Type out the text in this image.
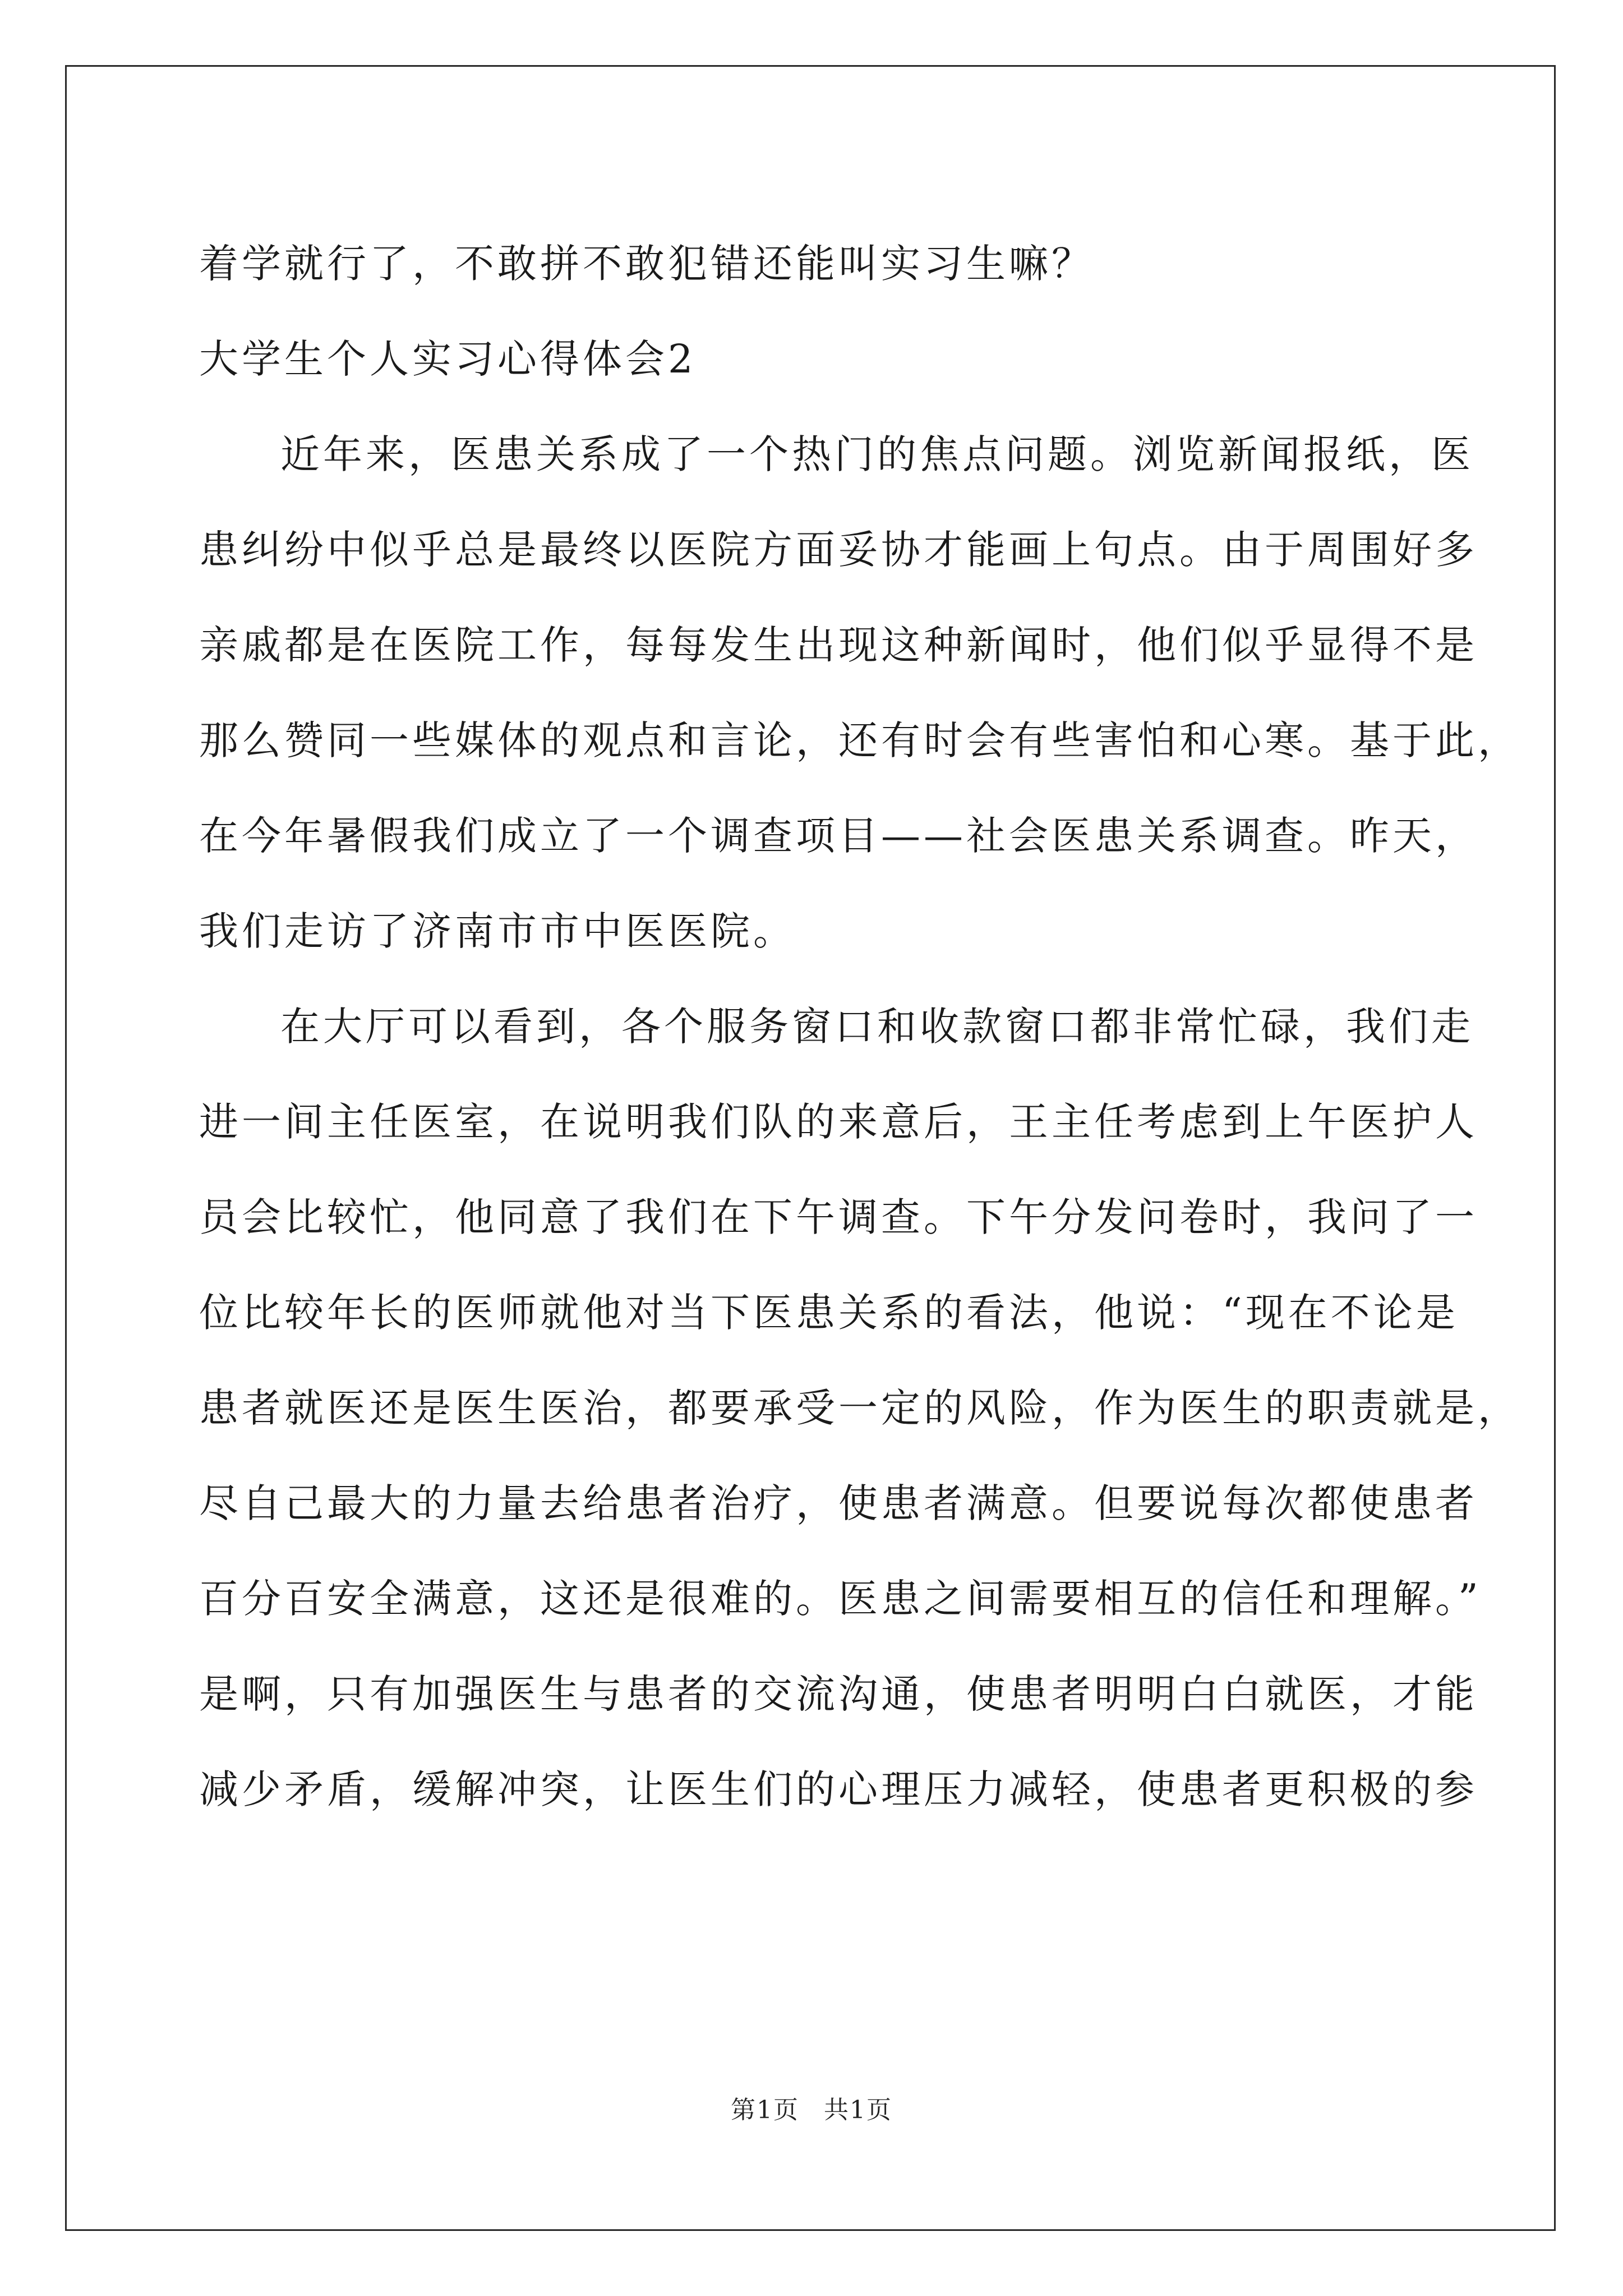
着学就行了，不敢拼不敢犯错还能叫实习生嘛？
大学生个人实习心得体会2
近年来，医患关系成了一个热门的焦点问题。浏览新闻报纸，医
患纠纷中似乎总是最终以医院方面妥协才能画上句点。由于周围好多
亲戚都是在医院工作，每每发生出现这种新闻时，他们似乎显得不是
那么赞同一些媒体的观点和言论，还有时会有些害怕和心寒。基于此，
在今年暑假我们成立了一个调查项目——社会医患关系调查。昨天，
我们走访了济南市市中医医院。
在大厅可以看到，各个服务窗口和收款窗口都非常忙碌，我们走
进一间主任医室，在说明我们队的来意后，王主任考虑到上午医护人
员会比较忙，他同意了我们在下午调查。下午分发问卷时，我问了一
位比较年长的医师就他对当下医患关系的看法，他说：“现在不论是
患者就医还是医生医治，都要承受一定的风险，作为医生的职责就是，
尽自己最大的力量去给患者治疗，使患者满意。但要说每次都使患者
百分百安全满意，这还是很难的。医患之间需要相互的信任和理解。”
是啊，只有加强医生与患者的交流沟通，使患者明明白白就医，才能
减少矛盾，缓解冲突，让医生们的心理压力减轻，使患者更积极的参
第1页 共1页
